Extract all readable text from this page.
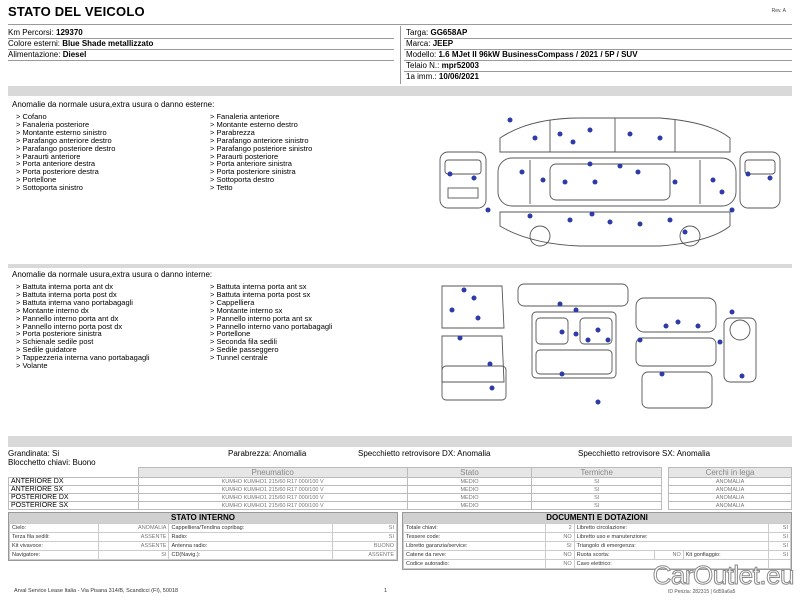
STATO DEL VEICOLO	Rev. A
Km Percorsi: 129370
Colore esterni: Blue Shade metallizzato
Alimentazione: Diesel
Targa: GG658AP
Marca: JEEP
Modello: 1.6 MJet II 96kW BusinessCompass / 2021 / 5P / SUV
Telaio N.: mpr52003
1a imm.: 10/06/2021
Anomalie da normale usura,extra usura o danno esterne:
> Cofano
> Fanaleria posteriore
> Montante esterno sinistro
> Parafango anteriore destro
> Parafango posteriore destro
> Paraurti anteriore
> Porta anteriore destra
> Porta posteriore destra
> Portellone
> Sottoporta sinistro
> Fanaleria anteriore
> Montante esterno destro
> Parabrezza
> Parafango anteriore sinistro
> Parafango posteriore sinistro
> Paraurti posteriore
> Porta anteriore sinistra
> Porta posteriore sinistra
> Sottoporta destro
> Tetto
Anomalie da normale usura,extra usura o danno interne:
> Battuta interna porta ant dx
> Battuta interna porta post dx
> Battuta interna vano portabagagli
> Montante interno dx
> Pannello interno porta ant dx
> Pannello interno porta post dx
> Porta posteriore sinistra
> Schienale sedile post
> Sedile guidatore
> Tappezzeria interna vano portabagagli
> Volante
> Battuta interna porta ant sx
> Battuta interna porta post sx
> Cappelliera
> Montante interno sx
> Pannello interno porta ant sx
> Pannello interno vano portabagagli
> Portellone
> Seconda fila sedili
> Sedile passeggero
> Tunnel centrale
Grandinata: Si	Parabrezza: Anomalia	Specchietto retrovisore DX: Anomalia	Specchietto retrovisore SX: Anomalia
Blocchetto chiavi: Buono
	Pneumatico	Stato	Termiche		Cerchi in lega
ANTERIORE DX	KUMHO KUMHO1 215/60 R17 000/100 V	MEDIO	SI		ANOMALIA
ANTERIORE SX	KUMHO KUMHO1 215/60 R17 000/100 V	MEDIO	SI		ANOMALIA
POSTERIORE DX	KUMHO KUMHO1 215/60 R17 000/100 V	MEDIO	SI		ANOMALIA
POSTERIORE SX	KUMHO KUMHO1 215/60 R17 000/100 V	MEDIO	SI		ANOMALIA
STATO INTERNO
Cielo:	ANOMALIA	Cappelliera/Tendina copribag:	SI
Terza fila sedili:	ASSENTE	Radio:	SI
Kit vivavoce:	ASSENTE	Antenna radio:	BUONO
Navigatore:	SI	CD(Navig.):	ASSENTE
DOCUMENTI E DOTAZIONI
Totale chiavi:	2	Libretto circolazione:			SI
Tessere code:	NO	Libretto uso e manutenzione:			SI
Libretto garanzia/service:	SI	Triangolo di emergenza:			SI
Catene da neve:	NO	Ruota scorta:	NO	Kit gonfiaggio:	SI
Codice autoradio:	NO	Cavo elettrico:			
Arval Service Lease Italia - Via Pisana 314/B, Scandicci (FI), 50018	1	ID Perizia: 282315 | 6d59a6a5
CarOutlet.eu
